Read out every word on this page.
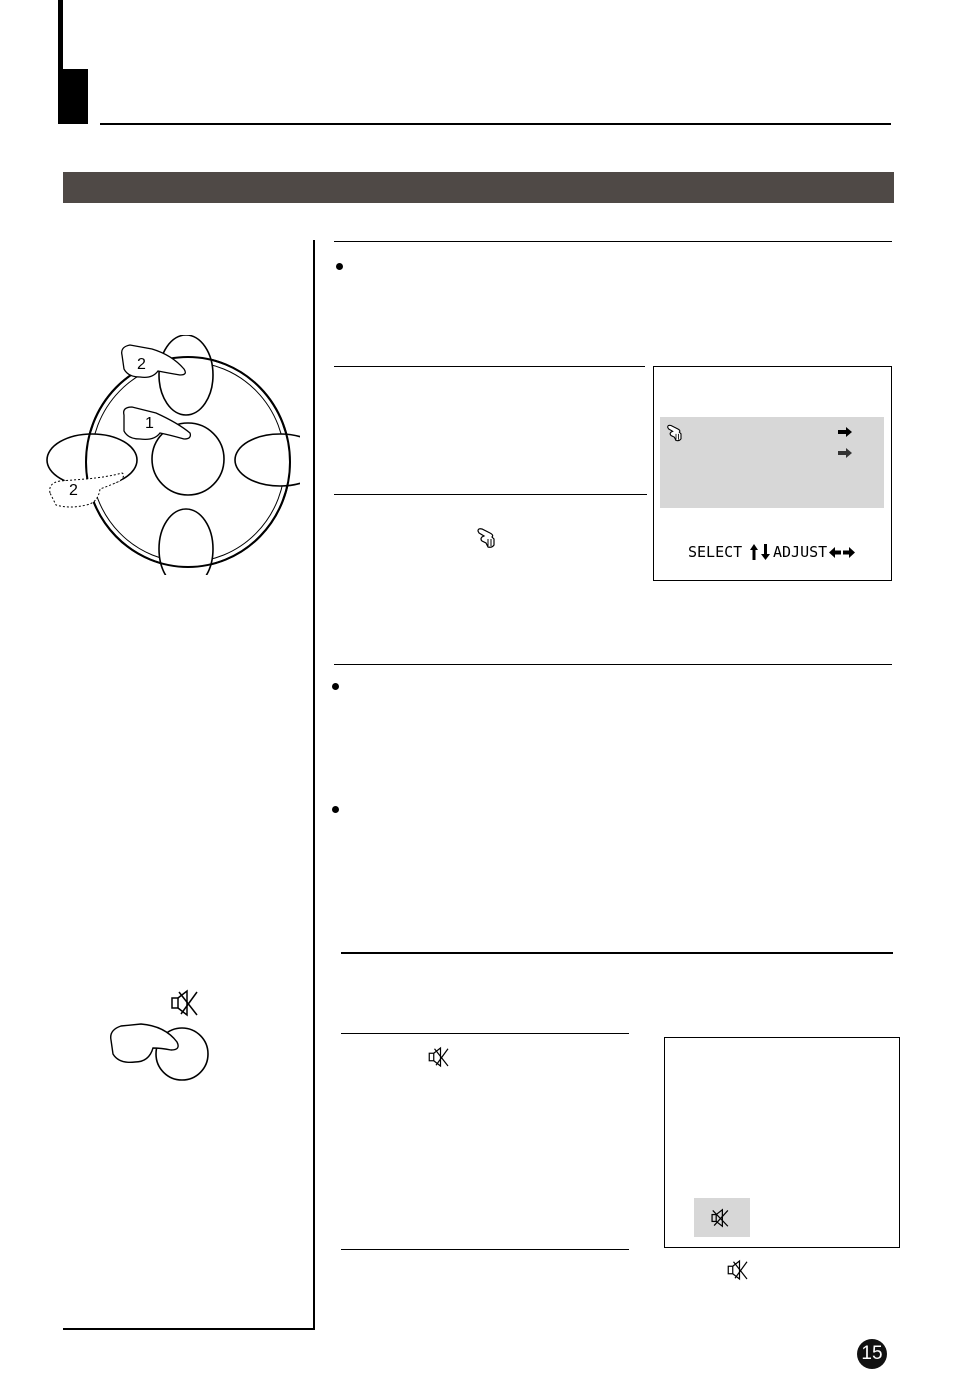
2
1
2
SELECT ADJUST
15
